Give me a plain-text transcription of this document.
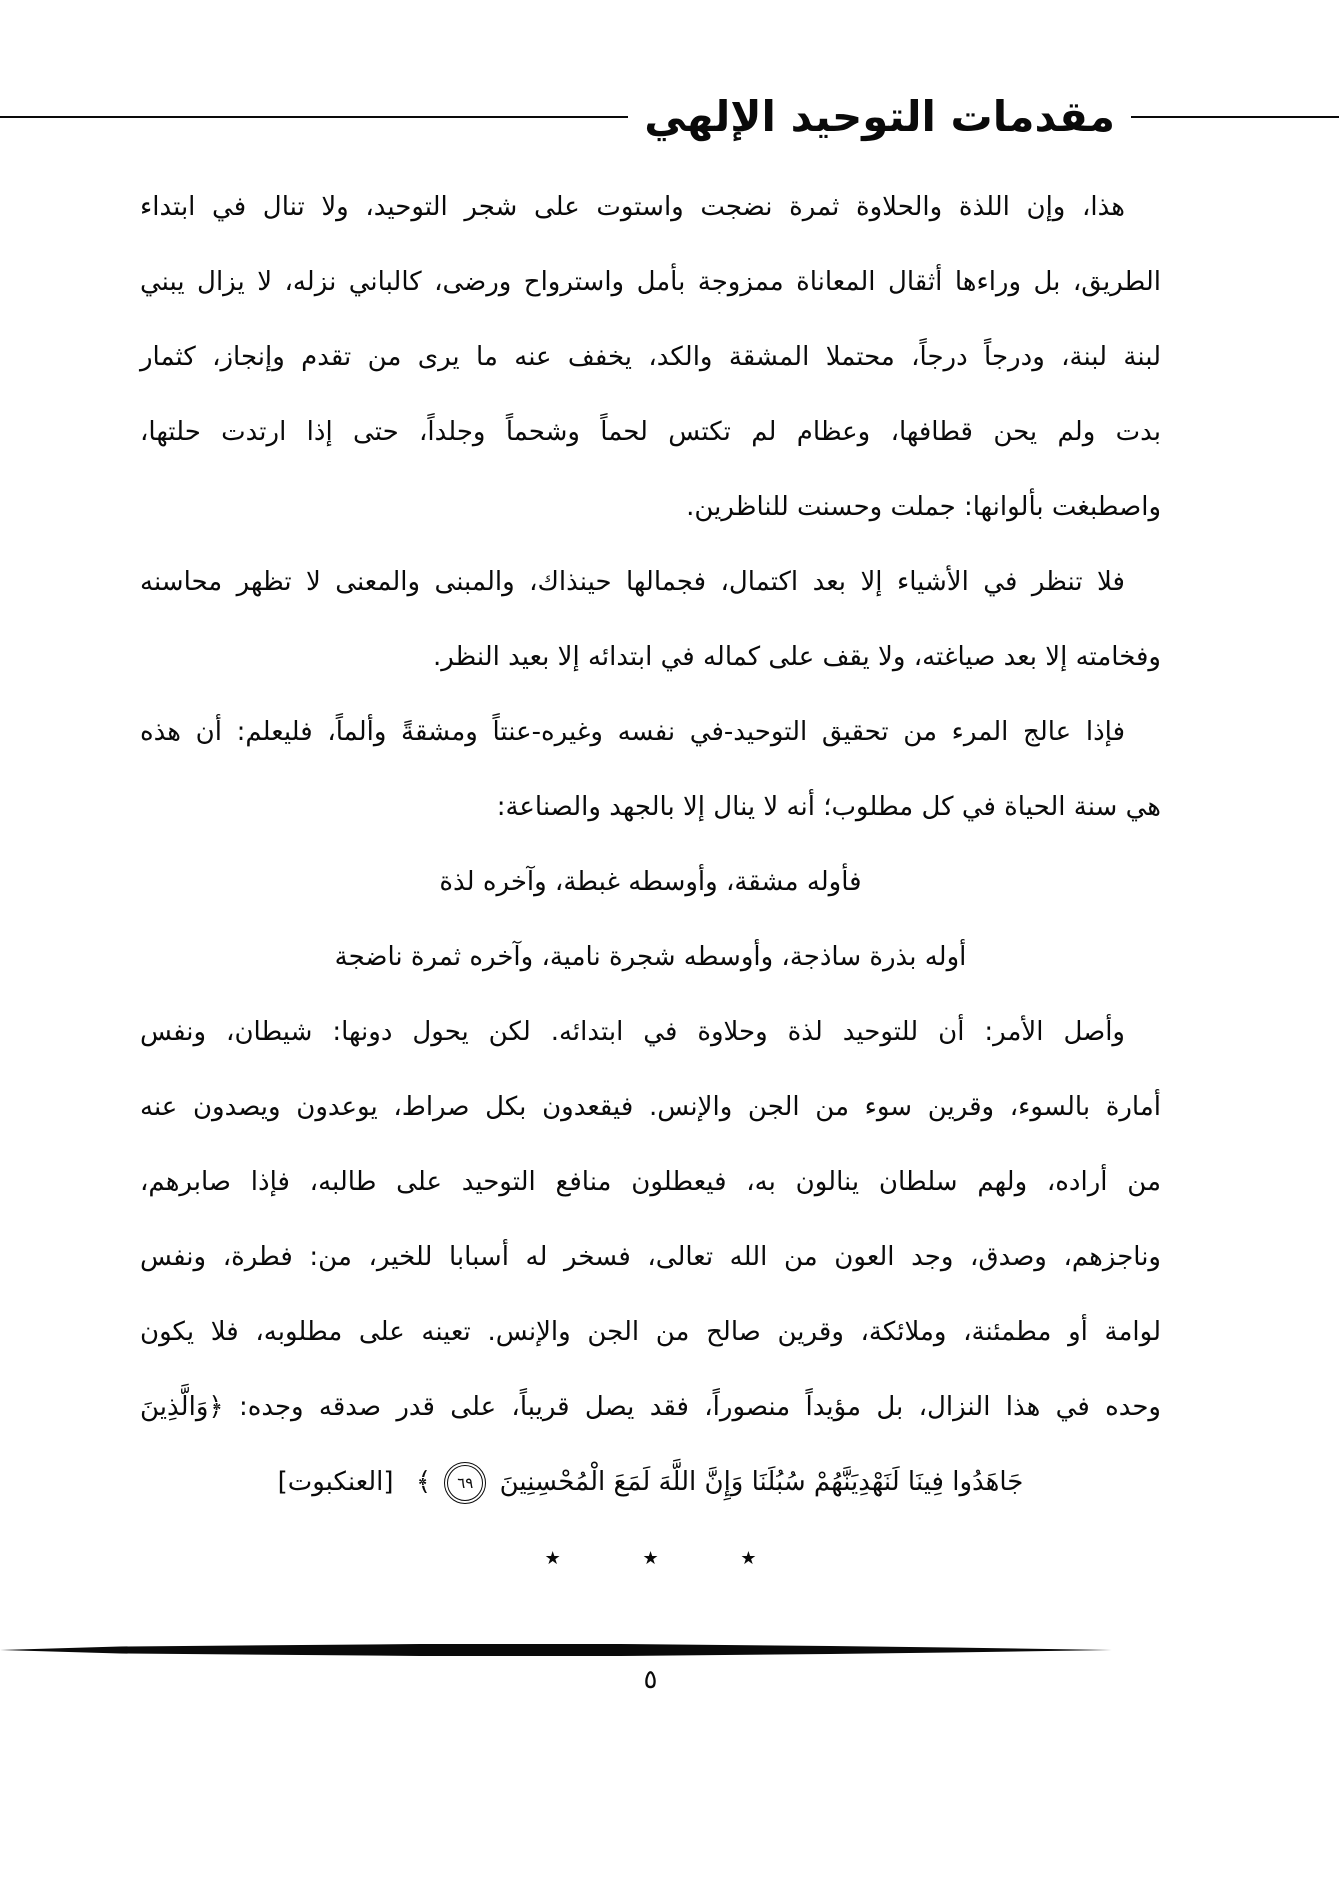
مقدمات التوحيد الإلهي
هذا، وإن اللذة والحلاوة ثمرة نضجت واستوت على شجر التوحيد، ولا تنال في ابتداء
الطريق، بل وراءها أثقال المعاناة ممزوجة بأمل واسترواح ورضى، كالباني نزله، لا يزال يبني
لبنة لبنة، ودرجاً درجاً، محتملا المشقة والكد، يخفف عنه ما يرى من تقدم وإنجاز، كثمار
بدت ولم يحن قطافها، وعظام لم تكتس لحماً وشحماً وجلداً، حتى إذا ارتدت حلتها،
واصطبغت بألوانها: جملت وحسنت للناظرين.
فلا تنظر في الأشياء إلا بعد اكتمال، فجمالها حينذاك، والمبنى والمعنى لا تظهر محاسنه
وفخامته إلا بعد صياغته، ولا يقف على كماله في ابتدائه إلا بعيد النظر.
فإذا عالج المرء من تحقيق التوحيد-في نفسه وغيره-عنتاً ومشقةً وألماً، فليعلم: أن هذه
هي سنة الحياة في كل مطلوب؛ أنه لا ينال إلا بالجهد والصناعة:
فأوله مشقة، وأوسطه غبطة، وآخره لذة
أوله بذرة ساذجة، وأوسطه شجرة نامية، وآخره ثمرة ناضجة
وأصل الأمر: أن للتوحيد لذة وحلاوة في ابتدائه. لكن يحول دونها: شيطان، ونفس
أمارة بالسوء، وقرين سوء من الجن والإنس. فيقعدون بكل صراط، يوعدون ويصدون عنه
من أراده، ولهم سلطان ينالون به، فيعطلون منافع التوحيد على طالبه، فإذا صابرهم،
وناجزهم، وصدق، وجد العون من الله تعالى، فسخر له أسبابا للخير، من: فطرة، ونفس
لوامة أو مطمئنة، وملائكة، وقرين صالح من الجن والإنس. تعينه على مطلوبه، فلا يكون
وحده في هذا النزال، بل مؤيداً منصوراً، فقد يصل قريباً، على قدر صدقه وجده: ﴿وَالَّذِينَ
جَاهَدُوا فِينَا لَنَهْدِيَنَّهُمْ سُبُلَنَا وَإِنَّ اللَّهَ لَمَعَ الْمُحْسِنِينَ ٦٩ ﴾ [العنكبوت]
٭ ٭ ٭
٥
